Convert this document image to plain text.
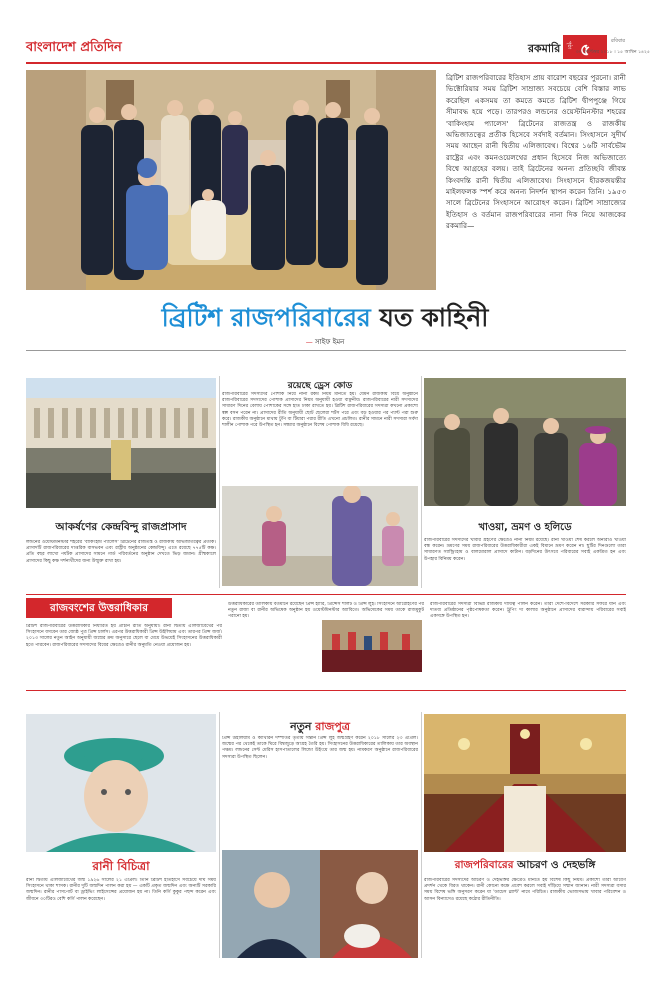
বাংলাদেশ প্রতিদিন	রকমারি পৃষ্ঠা ৫	রবিবার
৩০ সেপ্টেম্বর ২০১৮ । ১৫ আশ্বিন ১৪২৫
ব্রিটিশ রাজপরিবারের ইতিহাস প্রায় বারোশ বছরের পুরনো। রানী ভিক্টোরিয়ার সময় ব্রিটিশ সাম্রাজ্য সবচেয়ে বেশি বিস্তার লাভ করেছিল একসময় তা কমতে কমতে ব্রিটিশ দ্বীপপুঞ্জে গিয়ে সীমাবদ্ধ হয়ে পড়ে। তারপরও লন্ডনের ওয়েস্টমিনস্টার শহরের 'বাকিংহাম প্যালেস' ব্রিটেনের রাজতন্ত্র ও রাজকীয় অভিজাতত্বের প্রতীক হিসেবে সর্বদাই বর্তমান। সিংহাসনে সুদীর্ঘ সময় আছেন রানী দ্বিতীয় এলিজাবেথ। বিশ্বের ১৬টি সার্বভৌম রাষ্ট্রের এবং কমনওয়েলথের প্রধান হিসেবে নিজ অভিজাত্যে বিশ্বে আগ্রহের বলয়। তাই ব্রিটেনের অনন্য প্রতিচ্ছবি জীবন্ত কিংবদন্তি রানী দ্বিতীয় এলিজাবেথ। সিংহাসনে হীরকজয়ন্তীর মাইলফলক স্পর্শ করে অনন্য নিদর্শন স্থাপন করেন তিনি। ১৯৫৩ সালে ব্রিটেনের সিংহাসনে আরোহণ করেন। ব্রিটিশ সাম্রাজ্যের ইতিহাস ও বর্তমান রাজপরিবারের নানা দিক নিয়ে আজকের রকমারি—
ব্রিটিশ রাজপরিবারের যত কাহিনী
— সাইফ ইমন
আকর্ষণের কেন্দ্রবিন্দু রাজপ্রাসাদ
লন্ডনের ওয়েস্টমিনস্টার শহরের 'বাকিংহাম প্যালেস' ব্রিটেনের রাজতন্ত্র ও রাজকীয় অভিজাতত্বের প্রতীক। প্রাসাদটি রাজপরিবারের দাপ্তরিক বাসভবন এবং রাষ্ট্রীয় অনুষ্ঠানের কেন্দ্রবিন্দু। এতে রয়েছে ৭৭৫টি কক্ষ। প্রতি বছর লাখো পর্যটক প্রাসাদের সামনে গার্ড পরিবর্তনের অনুষ্ঠান দেখতে ভিড় জমান। গ্রীষ্মকালে প্রাসাদের কিছু কক্ষ দর্শনার্থীদের জন্য উন্মুক্ত রাখা হয়।
রয়েছে ড্রেস কোড
রাজপরিবারের সদস্যদের পোশাক নিয়ে নানা রকম নিয়ম মানতে হয়। যেমন রাজকীয় বিয়ে অনুষ্ঠানে রাজপরিবারের সদস্যদের পোশাক প্রাসাদের নিয়ম অনুযায়ী হওয়া বাঞ্ছনীয়। রাজপরিবারের নারী সদস্যদের সাধারণ দিনের বেলায় পোশাকের সঙ্গে হাত ঢাকা রাখতে হয়। ব্রিটিশ রাজপরিবারের সদস্যরা কখনো প্রকাশ্যে স্বল্প বসন পরেন না। প্রাসাদের রীতি অনুযায়ী ছোট ছেলেরা শর্টস পরে এবং বড় হওয়ার পর প্যান্ট পরা শুরু করে। রাজকীয় অনুষ্ঠানে মাথায় টুপি বা টিয়ারা পরার রীতি এখনো প্রচলিত। রানীর সামনে নারী সদস্যরা সর্বদা শালীন পোশাক পরে উপস্থিত হন। সন্ধ্যার অনুষ্ঠানে বিশেষ পোশাক বিধি রয়েছে।
খাওয়া, ভ্রমণ ও হলিডে
রাজপরিবারের সদস্যদের খাবার গ্রহণের ক্ষেত্রেও নানা নিয়ম রয়েছে। রানী খাওয়া শেষ করলে অন্যরাও খাওয়া বন্ধ করেন। ভ্রমণের সময় রাজপরিবারের উত্তরাধিকারীরা একই বিমানে ভ্রমণ করেন না। ছুটির দিনগুলো তারা সাধারণত স্যান্ড্রিংহাম ও বালমোরাল প্রাসাদে কাটান। বড়দিনের উৎসবে পরিবারের সবাই একত্রিত হন এবং উপহার বিনিময় করেন।
রাজবংশের উত্তরাধিকার
ব্রিটিশ রাজপরিবারের উত্তরাধিকার নির্ধারিত হয় প্রাচীন রীতি অনুযায়ী। রানী দ্বিতীয় এলিজাবেথের পর সিংহাসনে বসবেন তার জ্যেষ্ঠ পুত্র প্রিন্স চার্লস। এরপর উত্তরাধিকারী প্রিন্স উইলিয়াম এবং তারপর প্রিন্স জর্জ। ২০১৩ সালের নতুন আইন অনুযায়ী জন্মের ক্রম অনুসারে ছেলে বা মেয়ে উভয়েই সিংহাসনের উত্তরাধিকারী হতে পারবেন। রাজপরিবারের সদস্যদের বিয়ের ক্ষেত্রেও রানীর অনুমতি নেওয়া প্রয়োজন হয়।
উত্তরাধিকারের তালিকায় বর্তমানে রয়েছেন প্রিন্স হ্যারি, প্রিন্সেস শার্লট ও প্রিন্স লুই। সিংহাসনে আরোহণের পর নতুন রাজা বা রানীর অভিষেক অনুষ্ঠান হয় ওয়েস্টমিনস্টার অ্যাবিতে। অভিষেকের সময় তাকে রাজমুকুট পরানো হয়।
রাজপরিবারের সদস্যরা বিভিন্ন রাজকীয় দায়িত্ব পালন করেন। তারা দেশে-বিদেশে সরকারি সফরে যান এবং দাতব্য প্রতিষ্ঠানের পৃষ্ঠপোষকতা করেন। ট্রুপিং দ্য কালার অনুষ্ঠানে প্রাসাদের বারান্দায় পরিবারের সবাই একসঙ্গে উপস্থিত হন।
রানী বিচিত্রা
রানী দ্বিতীয় এলিজাবেথের জন্ম ১৯২৬ সালের ২১ এপ্রিল। তিনি ব্রিটিশ ইতিহাসে সবচেয়ে দীর্ঘ সময় সিংহাসনে থাকা শাসক। রানীর দুটি জন্মদিন পালন করা হয় — একটি প্রকৃত জন্মদিন এবং অন্যটি সরকারি জন্মদিন। রানীর পাসপোর্ট বা ড্রাইভিং লাইসেন্সের প্রয়োজন হয় না। তিনি কর্গি কুকুর পছন্দ করেন এবং জীবনে ৩০টিরও বেশি কর্গি পালন করেছেন।
নতুন রাজপুত্র
প্রিন্স উইলিয়াম ও ক্যাথরিন দম্পতির তৃতীয় সন্তান প্রিন্স লুই জন্মগ্রহণ করেন ২০১৮ সালের ২৩ এপ্রিল। জন্মের পর থেকেই তাকে ঘিরে বিশ্বজুড়ে আগ্রহ তৈরি হয়। সিংহাসনের উত্তরাধিকারের তালিকায় তার অবস্থান পঞ্চম। লন্ডনের সেন্ট মেরিস হাসপাতালের লিন্ডো উইংয়ে তার জন্ম হয়। নামকরণ অনুষ্ঠানে রাজপরিবারের সদস্যরা উপস্থিত ছিলেন।
রাজপরিবারের আচরণ ও দেহভঙ্গি
রাজপরিবারের সদস্যদের আচরণ ও দেহভঙ্গির ক্ষেত্রেও মানতে হয় বিশেষ কিছু নিয়ম। প্রকাশ্যে তারা আবেগ প্রদর্শন থেকে বিরত থাকেন। রানী কোনো কক্ষে প্রবেশ করলে সবাই দাঁড়িয়ে সম্মান জানান। নারী সদস্যরা বসার সময় বিশেষ ভঙ্গি অনুসরণ করেন যা 'ডাচেস স্ল্যান্ট' নামে পরিচিত। রাজকীয় ভোজসভায় খাবার পরিবেশন ও আসন বিন্যাসেও রয়েছে কঠোর রীতিনীতি।
